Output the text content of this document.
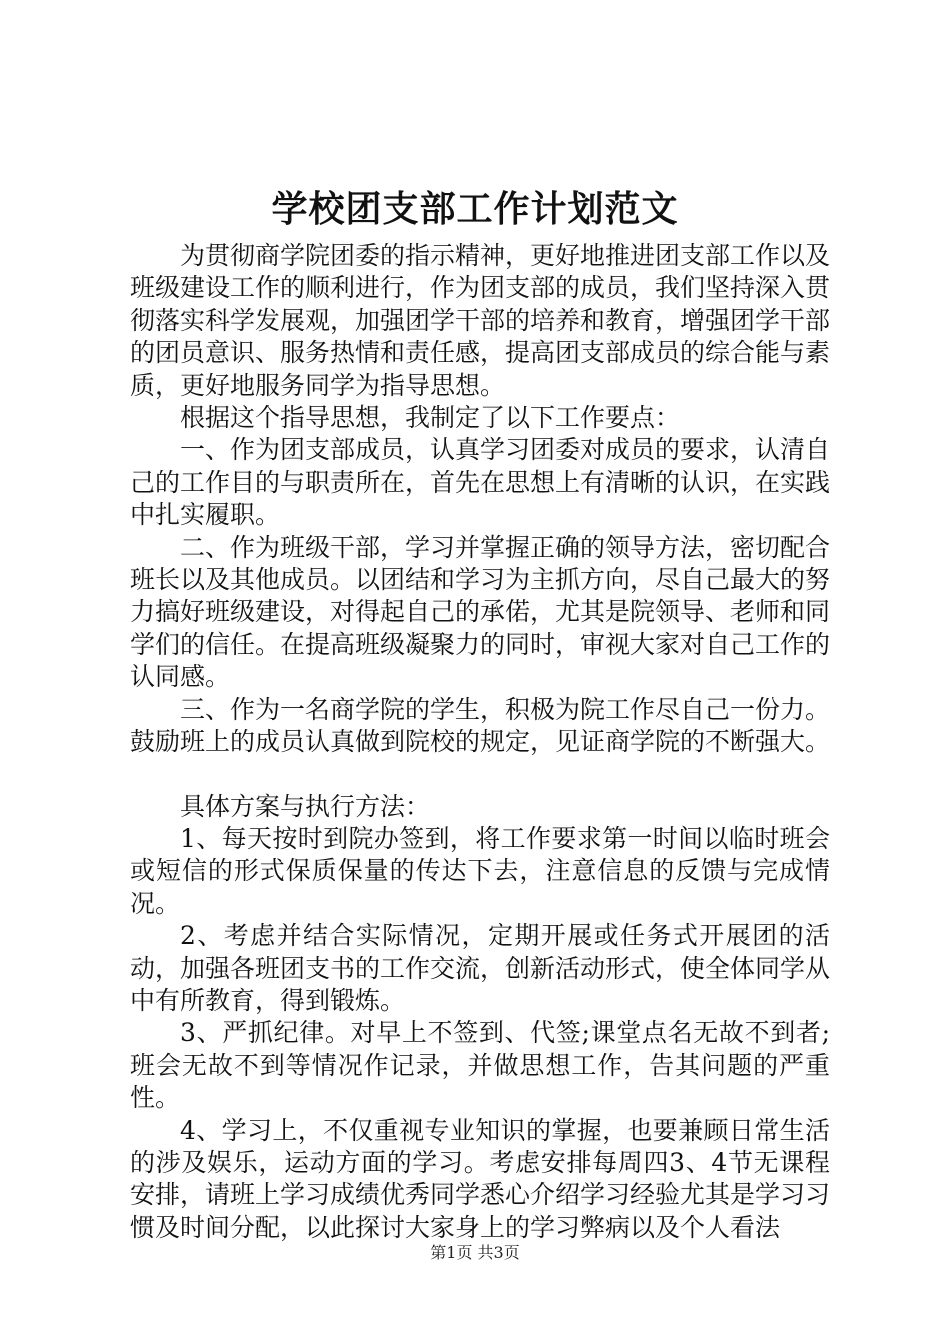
学校团支部工作计划范文

为贯彻商学院团委的指示精神，更好地推进团支部工作以及班级建设工作的顺利进行，作为团支部的成员，我们坚持深入贯彻落实科学发展观，加强团学干部的培养和教育，增强团学干部的团员意识、服务热情和责任感，提高团支部成员的综合能与素质，更好地服务同学为指导思想。

根据这个指导思想，我制定了以下工作要点：

一、作为团支部成员，认真学习团委对成员的要求，认清自己的工作目的与职责所在，首先在思想上有清晰的认识，在实践中扎实履职。

二、作为班级干部，学习并掌握正确的领导方法，密切配合班长以及其他成员。以团结和学习为主抓方向，尽自己最大的努力搞好班级建设，对得起自己的承偌，尤其是院领导、老师和同学们的信任。在提高班级凝聚力的同时，审视大家对自己工作的认同感。

三、作为一名商学院的学生，积极为院工作尽自己一份力。鼓励班上的成员认真做到院校的规定，见证商学院的不断强大。

具体方案与执行方法：

1、每天按时到院办签到，将工作要求第一时间以临时班会或短信的形式保质保量的传达下去，注意信息的反馈与完成情况。

2、考虑并结合实际情况，定期开展或任务式开展团的活动，加强各班团支书的工作交流，创新活动形式，使全体同学从中有所教育，得到锻炼。

3、严抓纪律。对早上不签到、代签;课堂点名无故不到者;班会无故不到等情况作记录，并做思想工作，告其问题的严重性。

4、学习上，不仅重视专业知识的掌握，也要兼顾日常生活的涉及娱乐，运动方面的学习。考虑安排每周四3、4节无课程安排，请班上学习成绩优秀同学悉心介绍学习经验尤其是学习习惯及时间分配，以此探讨大家身上的学习弊病以及个人看法

第1页 共3页
